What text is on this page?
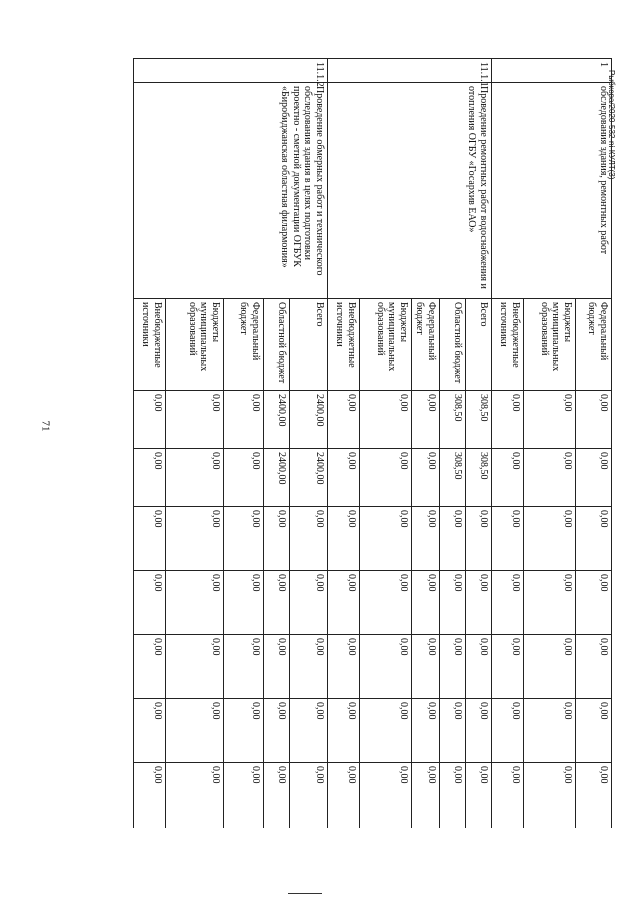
71
Рыбкова/2020-532-ni-КУЛТ(3)
1	обследования здания, ремонтных работ	Федеральный бюджет	0,00	0,00	0,00	0,00	0,00	0,00	0,00
		Бюджеты муниципальных образований	0,00	0,00	0,00	0,00	0,00	0,00	0,00
		Внебюджетные источники	0,00	0,00	0,00	0,00	0,00	0,00	0,00
11.1.1	Проведение ремонтных работ водоснабжения и отопления ОГБУ «Госархив ЕАО»	Всего	308,50	308,50	0,00	0,00	0,00	0,00	0,00
		Областной бюджет	308,50	308,50	0,00	0,00	0,00	0,00	0,00
		Федеральный бюджет	0,00	0,00	0,00	0,00	0,00	0,00	0,00
		Бюджеты муниципальных образований	0,00	0,00	0,00	0,00	0,00	0,00	0,00
		Внебюджетные источники	0,00	0,00	0,00	0,00	0,00	0,00	0,00
11.1.2	Проведение обмерных работ и технического обследования здания в целях подготовки проектно - сметной документации ОГБУК «Биробиджанская областная филармония»	Всего	2400,00	2400,00	0,00	0,00	0,00	0,00	0,00
		Областной бюджет	2400,00	2400,00	0,00	0,00	0,00	0,00	0,00
		Федеральный бюджет	0,00	0,00	0,00	0,00	0,00	0,00	0,00
		Бюджеты муниципальных образований	0,00	0,00	0,00	0,00	0,00	0,00	0,00
		Внебюджетные источники	0,00	0,00	0,00	0,00	0,00	0,00	0,00
